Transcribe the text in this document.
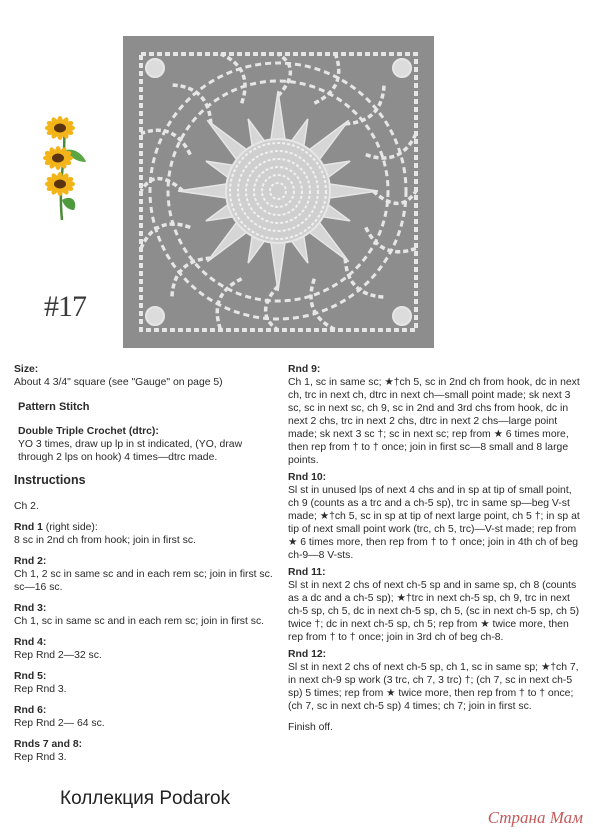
#17

Size:

About 4 3/4" square (see "Gauge" on page 5)

Pattern Stitch

Double Triple Crochet (dtrc):

YO 3 times, draw up lp in st indicated, (YO, draw through 2 lps on hook) 4 times—dtrc made.

Instructions

Ch 2.

Rnd 1 (right side):

8 sc in 2nd ch from hook; join in first sc.

Rnd 2:

Ch 1, 2 sc in same sc and in each rem sc; join in first sc. sc—16 sc.

Rnd 3:

Ch 1, sc in same sc and in each rem sc; join in first sc.

Rnd 4:

Rep Rnd 2—32 sc.

Rnd 5:

Rep Rnd 3.

Rnd 6:

Rep Rnd 2— 64 sc.

Rnds 7 and 8:

Rep Rnd 3.

Rnd 9:

Ch 1, sc in same sc; ★†ch 5, sc in 2nd ch from hook, dc in next ch, trc in next ch, dtrc in next ch—small point made; sk next 3 sc, sc in next sc, ch 9, sc in 2nd and 3rd chs from hook, dc in next 2 chs, trc in next 2 chs, dtrc in next 2 chs—large point made; sk next 3 sc †; sc in next sc; rep from ★ 6 times more, then rep from † to † once; join in first sc—8 small and 8 large points.

Rnd 10:

Sl st in unused lps of next 4 chs and in sp at tip of small point, ch 9 (counts as a trc and a ch-5 sp), trc in same sp—beg V-st made; ★†ch 5, sc in sp at tip of next large point, ch 5 †; in sp at tip of next small point work (trc, ch 5, trc)—V-st made; rep from ★ 6 times more, then rep from † to † once; join in 4th ch of beg ch-9—8 V-sts.

Rnd 11:

Sl st in next 2 chs of next ch-5 sp and in same sp, ch 8 (counts as a dc and a ch-5 sp); ★†trc in next ch-5 sp, ch 9, trc in next ch-5 sp, ch 5, dc in next ch-5 sp, ch 5, (sc in next ch-5 sp, ch 5) twice †; dc in next ch-5 sp, ch 5; rep from ★ twice more, then rep from † to † once; join in 3rd ch of beg ch-8.

Rnd 12:

Sl st in next 2 chs of next ch-5 sp, ch 1, sc in same sp; ★†ch 7, in next ch-9 sp work (3 trc, ch 7, 3 trc) †; (ch 7, sc in next ch-5 sp) 5 times; rep from ★ twice more, then rep from † to † once; (ch 7, sc in next ch-5 sp) 4 times; ch 7; join in first sc.

Finish off.

Коллекция Podarok
Страна Мам
